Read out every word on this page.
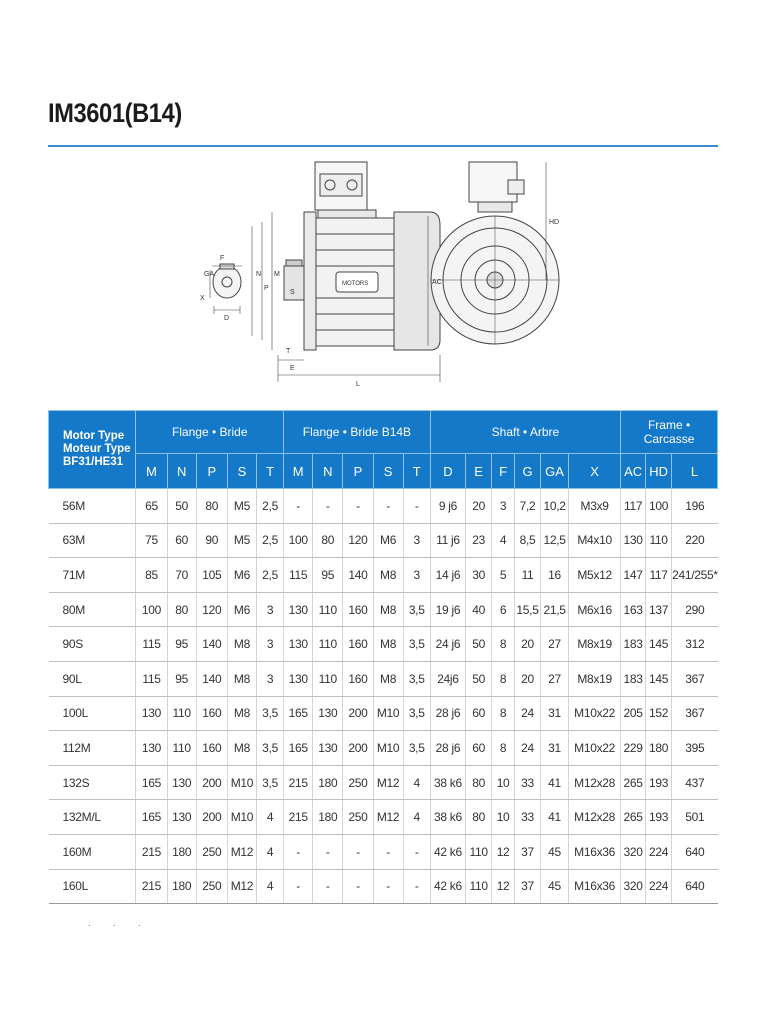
IM3601(B14)
F
GA
D
X
M
N
P
S
T
E
L
AC
HD
MOTORS
Motor Type
Moteur Type
BF31/HE31	Flange • Bride					Flange • Bride B14B					Shaft • Arbre						Frame • Carcasse		
	M	N	P	S	T	M	N	P	S	T	D	E	F	G	GA	X	AC	HD	L
56M	65	50	80	M5	2,5	-	-	-	-	-	9 j6	20	3	7,2	10,2	M3x9	117	100	196
63M	75	60	90	M5	2,5	100	80	120	M6	3	11 j6	23	4	8,5	12,5	M4x10	130	110	220
71M	85	70	105	M6	2,5	115	95	140	M8	3	14 j6	30	5	11	16	M5x12	147	117	241/255*
80M	100	80	120	M6	3	130	110	160	M8	3,5	19 j6	40	6	15,5	21,5	M6x16	163	137	290
90S	115	95	140	M8	3	130	110	160	M8	3,5	24 j6	50	8	20	27	M8x19	183	145	312
90L	115	95	140	M8	3	130	110	160	M8	3,5	24j6	50	8	20	27	M8x19	183	145	367
100L	130	110	160	M8	3,5	165	130	200	M10	3,5	28 j6	60	8	24	31	M10x22	205	152	367
112M	130	110	160	M8	3,5	165	130	200	M10	3,5	28 j6	60	8	24	31	M10x22	229	180	395
132S	165	130	200	M10	3,5	215	180	250	M12	4	38 k6	80	10	33	41	M12x28	265	193	437
132M/L	165	130	200	M10	4	215	180	250	M12	4	38 k6	80	10	33	41	M12x28	265	193	501
160M	215	180	250	M12	4	-	-	-	-	-	42 k6	110	12	37	45	M16x36	320	224	640
160L	215	180	250	M12	4	-	-	-	-	-	42 k6	110	12	37	45	M16x36	320	224	640
. . .
